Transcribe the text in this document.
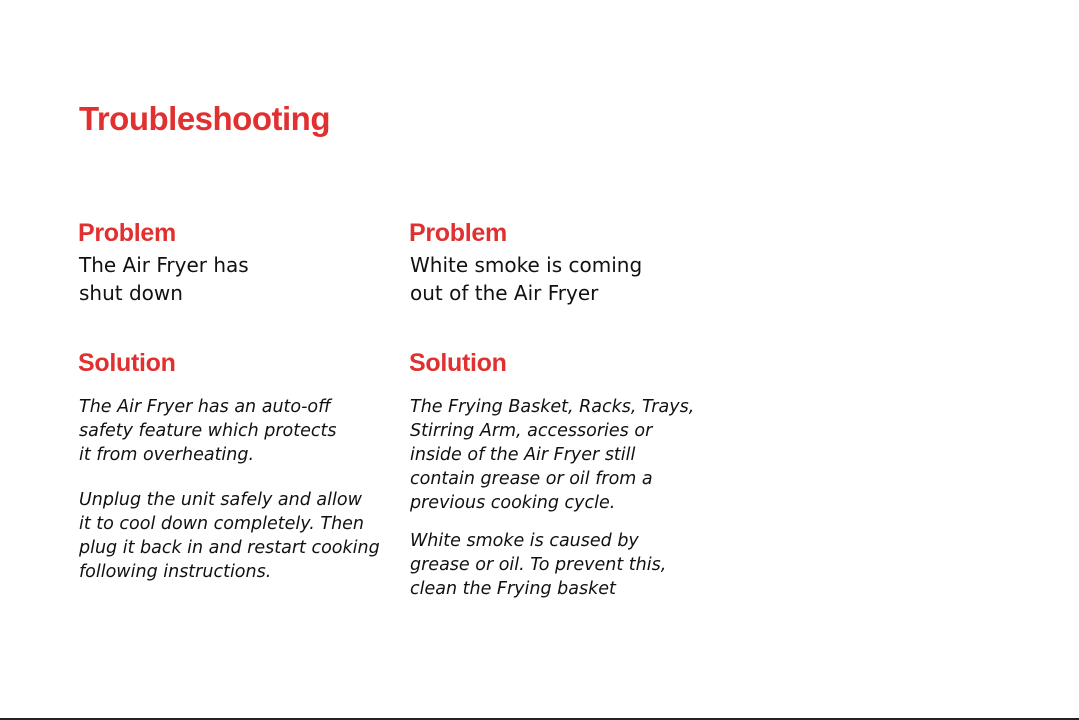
Troubleshooting
Problem

The Air Fryer has
shut down

Solution

The Air Fryer has an auto-off
safety feature which protects
it from overheating.

Unplug the unit safely and allow
it to cool down completely. Then
plug it back in and restart cooking
following instructions.

Problem

White smoke is coming
out of the Air Fryer

Solution

The Frying Basket, Racks, Trays,
Stirring Arm, accessories or
inside of the Air Fryer still
contain grease or oil from a
previous cooking cycle.

White smoke is caused by
grease or oil. To prevent this,
clean the Frying basket
